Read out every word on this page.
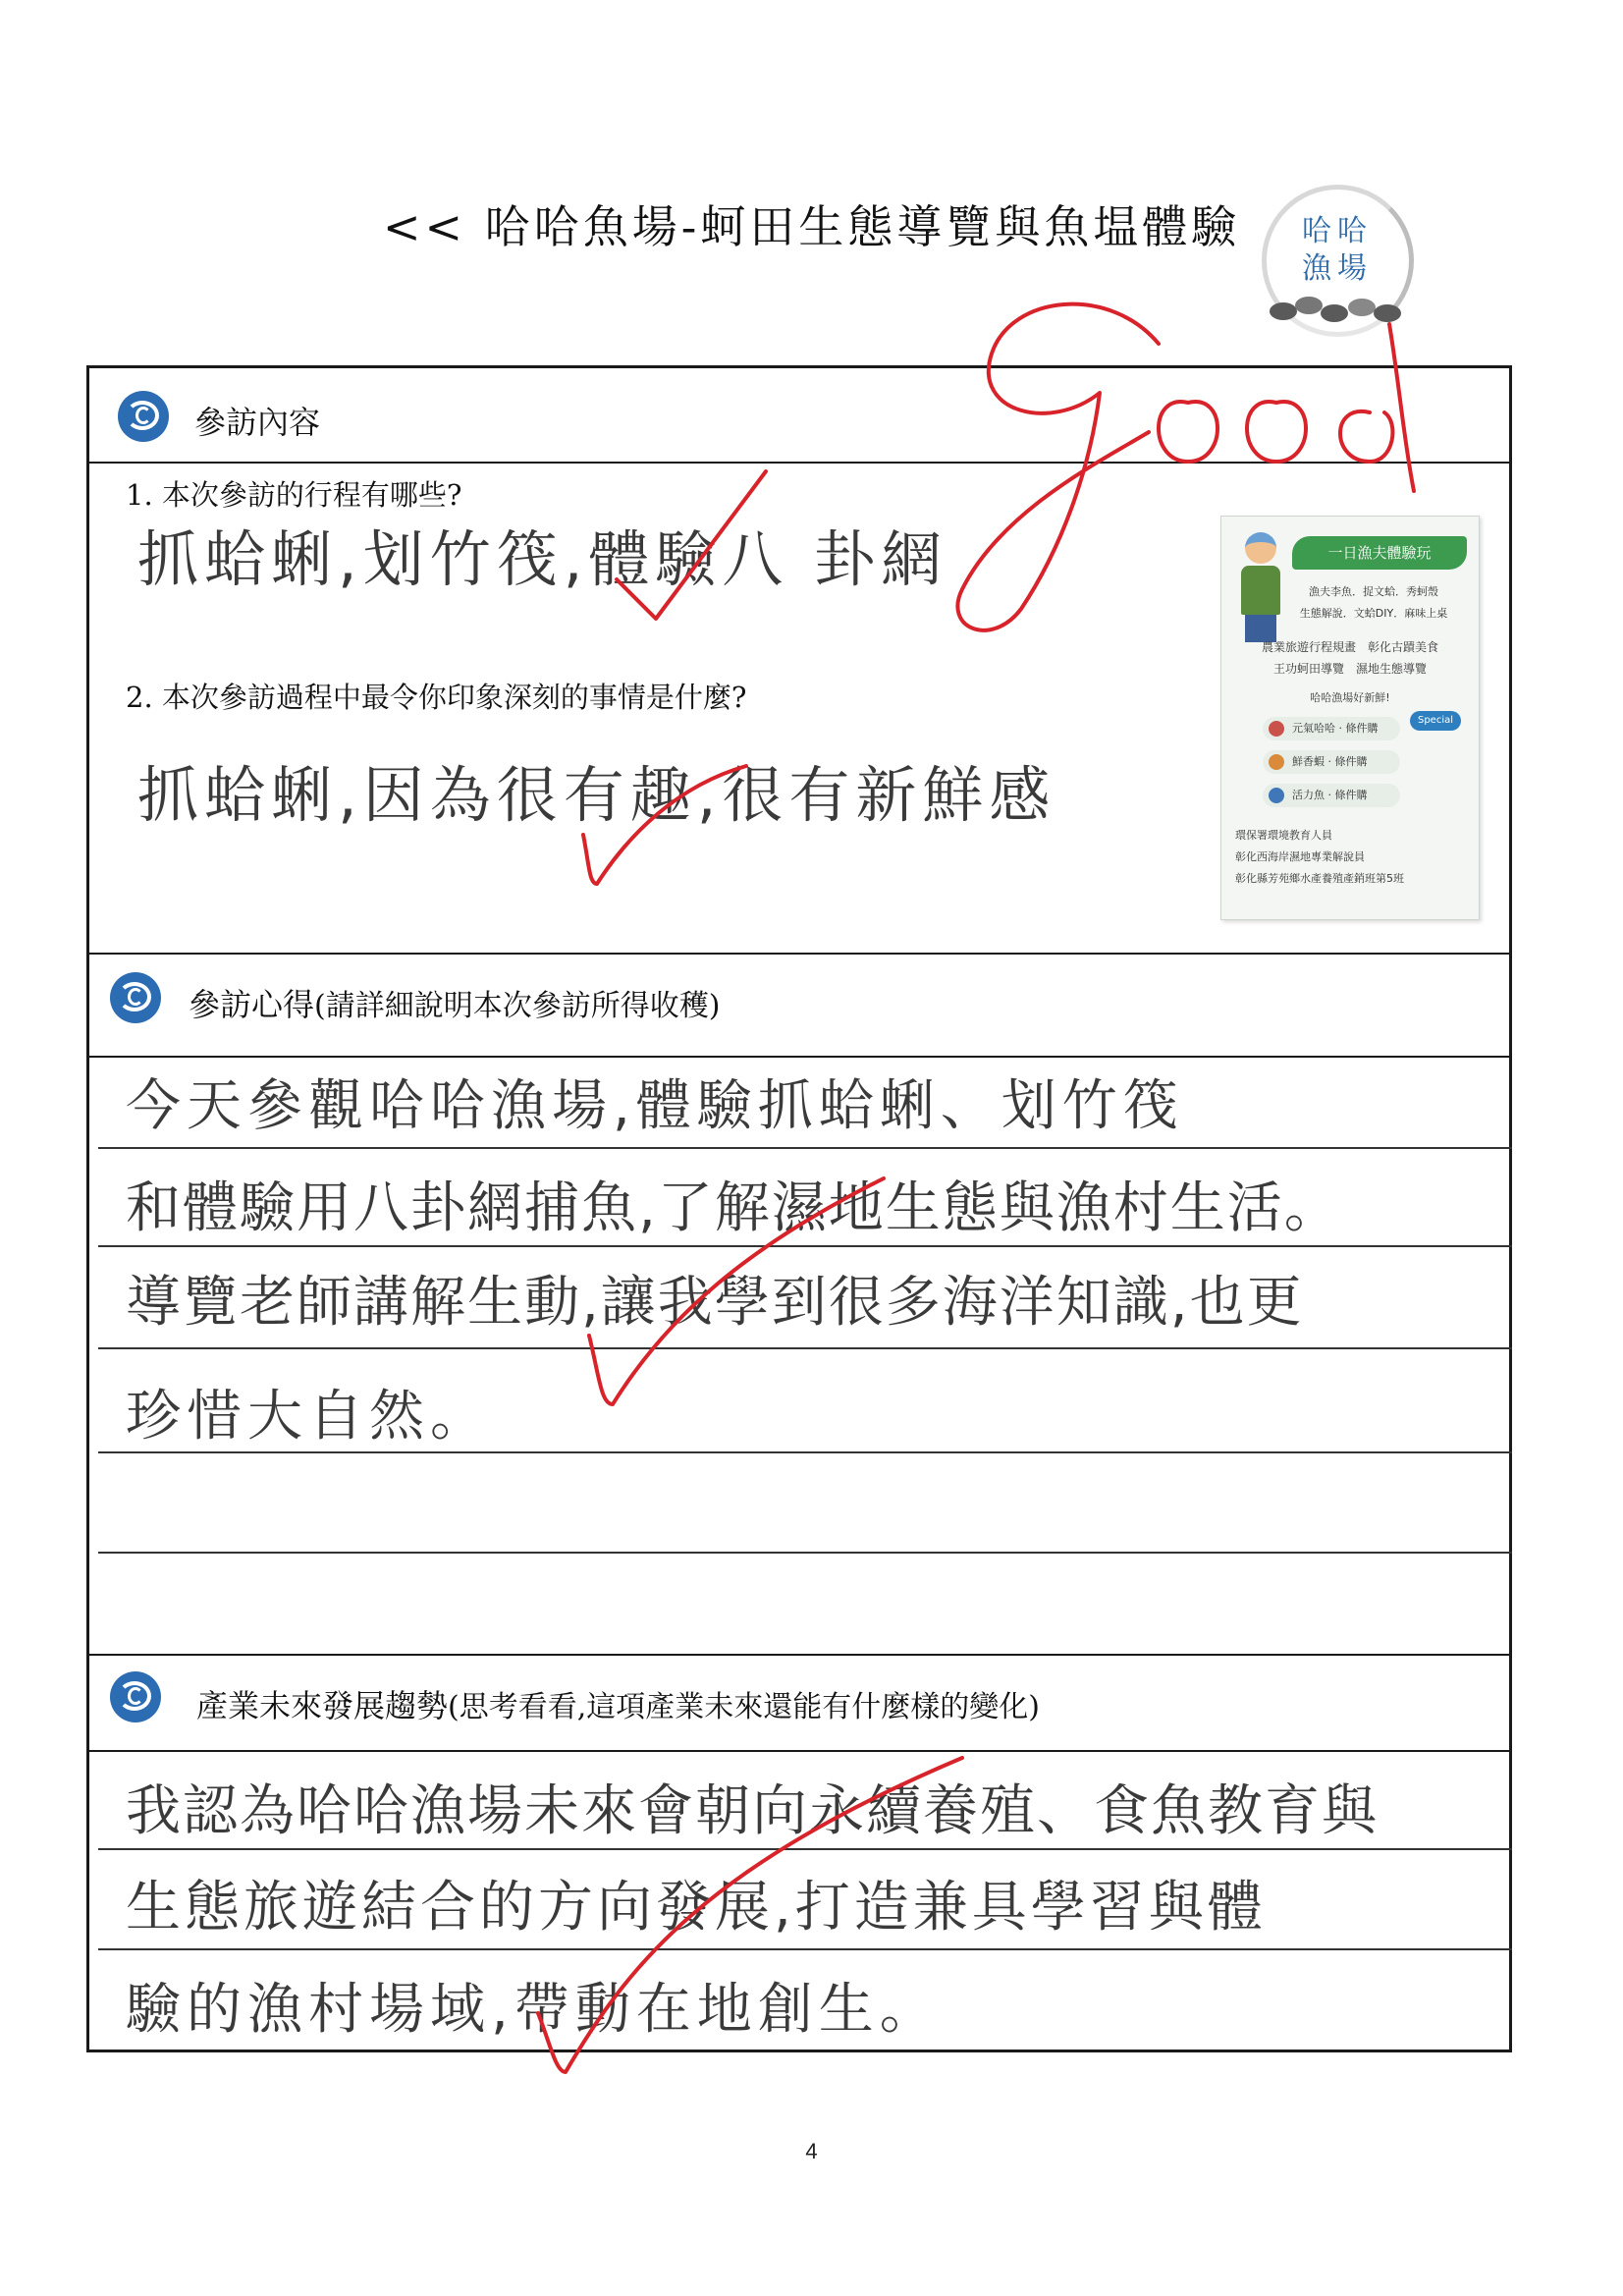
<< 哈哈魚場-蚵田生態導覽與魚塭體驗	哈哈
漁場
參訪內容
1. 本次參訪的行程有哪些?
抓蛤蜊,划竹筏,體驗八 卦網
2. 本次參訪過程中最令你印象深刻的事情是什麼?
抓蛤蜊,因為很有趣,很有新鮮感
一日漁夫體驗玩
漁夫李魚．捉文蛤．秀蚵殼
生態解說．文蛤DIY．麻味上桌
農業旅遊行程規畫　彰化古蹟美食
王功蚵田導覽　濕地生態導覽
哈哈漁場好新鮮!
Special
元氣哈哈 · 條件購
鮮香蝦 · 條件購
活力魚 · 條件購
環保署環境教育人員
彰化西海岸濕地專業解說員
彰化縣芳苑鄉水產養殖產銷班第5班
參訪心得(請詳細說明本次參訪所得收穫)
今天參觀哈哈漁場,體驗抓蛤蜊、划竹筏
和體驗用八卦網捕魚,了解濕地生態與漁村生活。
導覽老師講解生動,讓我學到很多海洋知識,也更
珍惜大自然。
產業未來發展趨勢(思考看看,這項產業未來還能有什麼樣的變化)
我認為哈哈漁場未來會朝向永續養殖、食魚教育與
生態旅遊結合的方向發展,打造兼具學習與體
驗的漁村場域,帶動在地創生。
4
